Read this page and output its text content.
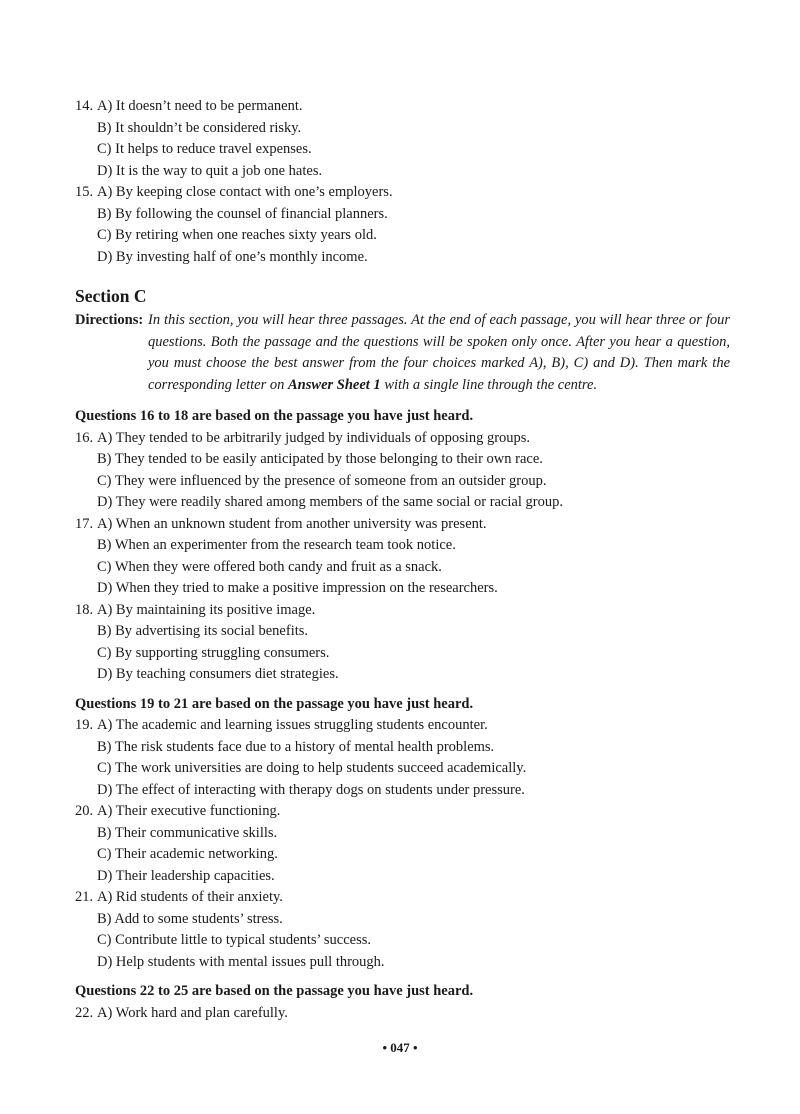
14. A) It doesn’t need to be permanent.
B) It shouldn’t be considered risky.
C) It helps to reduce travel expenses.
D) It is the way to quit a job one hates.
15. A) By keeping close contact with one’s employers.
B) By following the counsel of financial planners.
C) By retiring when one reaches sixty years old.
D) By investing half of one’s monthly income.
Section C
Directions: In this section, you will hear three passages. At the end of each passage, you will hear three or four questions. Both the passage and the questions will be spoken only once. After you hear a question, you must choose the best answer from the four choices marked A), B), C) and D). Then mark the corresponding letter on Answer Sheet 1 with a single line through the centre.
Questions 16 to 18 are based on the passage you have just heard.
16. A) They tended to be arbitrarily judged by individuals of opposing groups.
B) They tended to be easily anticipated by those belonging to their own race.
C) They were influenced by the presence of someone from an outsider group.
D) They were readily shared among members of the same social or racial group.
17. A) When an unknown student from another university was present.
B) When an experimenter from the research team took notice.
C) When they were offered both candy and fruit as a snack.
D) When they tried to make a positive impression on the researchers.
18. A) By maintaining its positive image.
B) By advertising its social benefits.
C) By supporting struggling consumers.
D) By teaching consumers diet strategies.
Questions 19 to 21 are based on the passage you have just heard.
19. A) The academic and learning issues struggling students encounter.
B) The risk students face due to a history of mental health problems.
C) The work universities are doing to help students succeed academically.
D) The effect of interacting with therapy dogs on students under pressure.
20. A) Their executive functioning.
B) Their communicative skills.
C) Their academic networking.
D) Their leadership capacities.
21. A) Rid students of their anxiety.
B) Add to some students’ stress.
C) Contribute little to typical students’ success.
D) Help students with mental issues pull through.
Questions 22 to 25 are based on the passage you have just heard.
22. A) Work hard and plan carefully.
• 047 •
